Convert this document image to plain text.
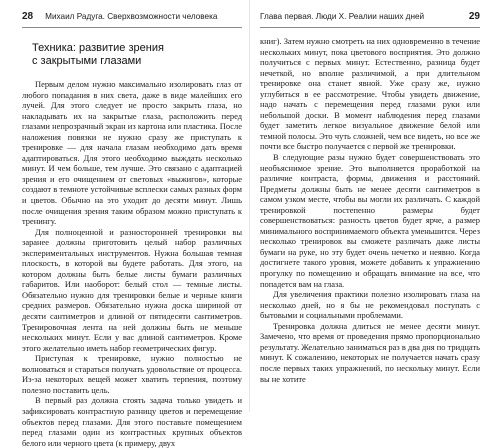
28 Михаил Радуга. Сверхвозможности человека
Техника: развитие зрения
с закрытыми глазами

Первым делом нужно максимально изолировать глаз от любого попадания в них света, даже в виде малейших его лучей. Для этого следует не просто закрыть глаза, но накладывать их на закрытые глаза, расположить перед глазами непрозрачный экран из картона или пластика. После наложения повязки не нужно сразу же приступать к тренировке — для начала глазам необходимо дать время адаптироваться. Для этого необходимо выждать несколько минут. И чем больше, тем лучше. Это связано с адаптацией зрения и его очищением от световых «выжигов», которые создают в темноте устойчивые всплески самых разных форм и цветов. Обычно на это уходит до десяти минут. Лишь после очищения зрения таким образом можно приступать к тренингу.

Для полноценной и разносторонней тренировки вы заранее должны приготовить целый набор различных экспериментальных инструментов. Нужна большая темная плоскость, в которой вы будете работать. Для этого, на котором должны быть белые листы бумаги различных габаритов. Или наоборот: белый стол — темные листы. Обязательно нужно для тренировки белые и черные книги средних размеров. Обязательно нужна доска шириной от десяти сантиметров и длиной от пятидесяти сантиметров. Тренировочная лента на ней должны быть не меньше нескольких минут. Если у вас длиной сантиметров. Кроме этого желательно иметь набор геометрических фигур.

Приступая к тренировке, нужно полностью не волноваться и стараться получать удовольствие от процесса. Из-за некоторых вещей может хватить терпения, поэтому полезно поставить цель.

В первый раз должна стоять задача только увидеть и зафиксировать контрастную разницу цветов и перемещение объектов перед глазами. Для этого поставьте помещением перед глазами один из контрастных крупных объектов белого или черного цвета (к примеру, двух

Глава первая. Люди X. Реалии наших дней	29

книг). Затем нужно смотреть на них одновременно в течение нескольких минут, пока цветового восприятия. Это должно получиться с первых минут. Естественно, разница будет нечеткой, но вполне различимой, а при длительном тренировке она станет явной. Уже сразу же, нужно углубиться в ее рассмотрение. Чтобы увидеть движение, надо начать с перемещения перед глазами руки или небольшой доски. В момент наблюдения перед глазами будет заметить легкое визуальное движение белой или темной полосы. Это чуть сложней, чем все видеть, но все же почти все быстро получается с первой же тренировки.

В следующие разы нужно будет совершенствовать это необъяснимое зрение. Это выполняется проработкой на различие контраста, формы, движения и расстояний. Предметы должны быть не менее десяти сантиметров в самом узком месте, чтобы вы могли их различать. С каждой тренировкой постепенно размеры будет совершенствоваться: разность цветов будет ярче, а размер минимального воспринимаемого объекта уменьшится. Через несколько тренировок вы сможете различать даже листы бумаги на руке, но эту будет очень нечетко и неявно. Когда достигнете такого уровня, можете добавить к упражнению прогулку по помещению и обращать внимание на все, что попадется вам на глаза.

Для увеличения практики полезно изолировать глаза на несколько дней, но я бы не рекомендовал поступать с бытовыми и социальными проблемами.

Тренировка должна длиться не менее десяти минут. Замечено, что время от проведения прямо пропорционально результату. Желательно заниматься раз в два дня по тридцать минут. К сожалению, некоторых не получается начать сразу после первых таких упражнений, по нескольку минут. Если вы не хотите
